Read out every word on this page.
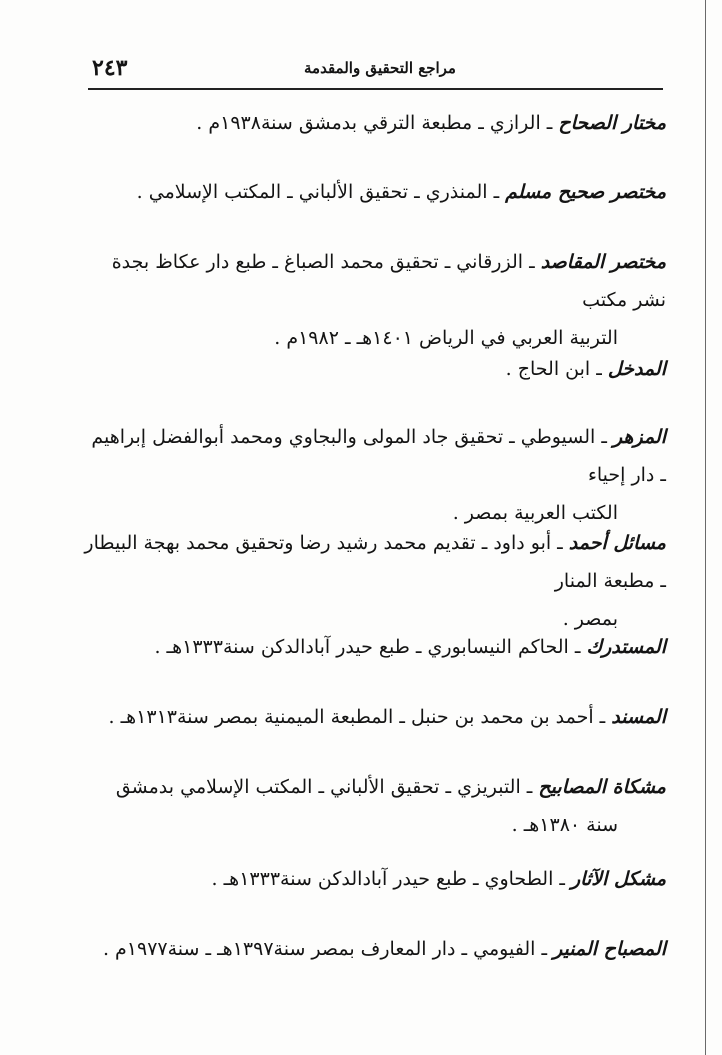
٢٤٣	مراجع التحقيق والمقدمة
مختار الصحاح ـ الرازي ـ مطبعة الترقي بدمشق سنة١٩٣٨م .
مختصر صحيح مسلم ـ المنذري ـ تحقيق الألباني ـ المكتب الإسلامي .
مختصر المقاصد ـ الزرقاني ـ تحقيق محمد الصباغ ـ طبع دار عكاظ بجدة نشر مكتب
التربية العربي في الرياض ١٤٠١هـ ـ ١٩٨٢م .
المدخل ـ ابن الحاج .
المزهر ـ السيوطي ـ تحقيق جاد المولى والبجاوي ومحمد أبوالفضل إبراهيم ـ دار إحياء
الكتب العربية بمصر .
مسائل أحمد ـ أبو داود ـ تقديم محمد رشيد رضا وتحقيق محمد بهجة البيطار ـ مطبعة المنار
بمصر .
المستدرك ـ الحاكم النيسابوري ـ طبع حيدر آبادالدكن سنة١٣٣٣هـ .
المسند ـ أحمد بن محمد بن حنبل ـ المطبعة الميمنية بمصر سنة١٣١٣هـ .
مشكاة المصابيح ـ التبريزي ـ تحقيق الألباني ـ المكتب الإسلامي بدمشق
سنة ١٣٨٠هـ .
مشكل الآثار ـ الطحاوي ـ طبع حيدر آبادالدكن سنة١٣٣٣هـ .
المصباح المنير ـ الفيومي ـ دار المعارف بمصر سنة١٣٩٧هـ ـ سنة١٩٧٧م .
